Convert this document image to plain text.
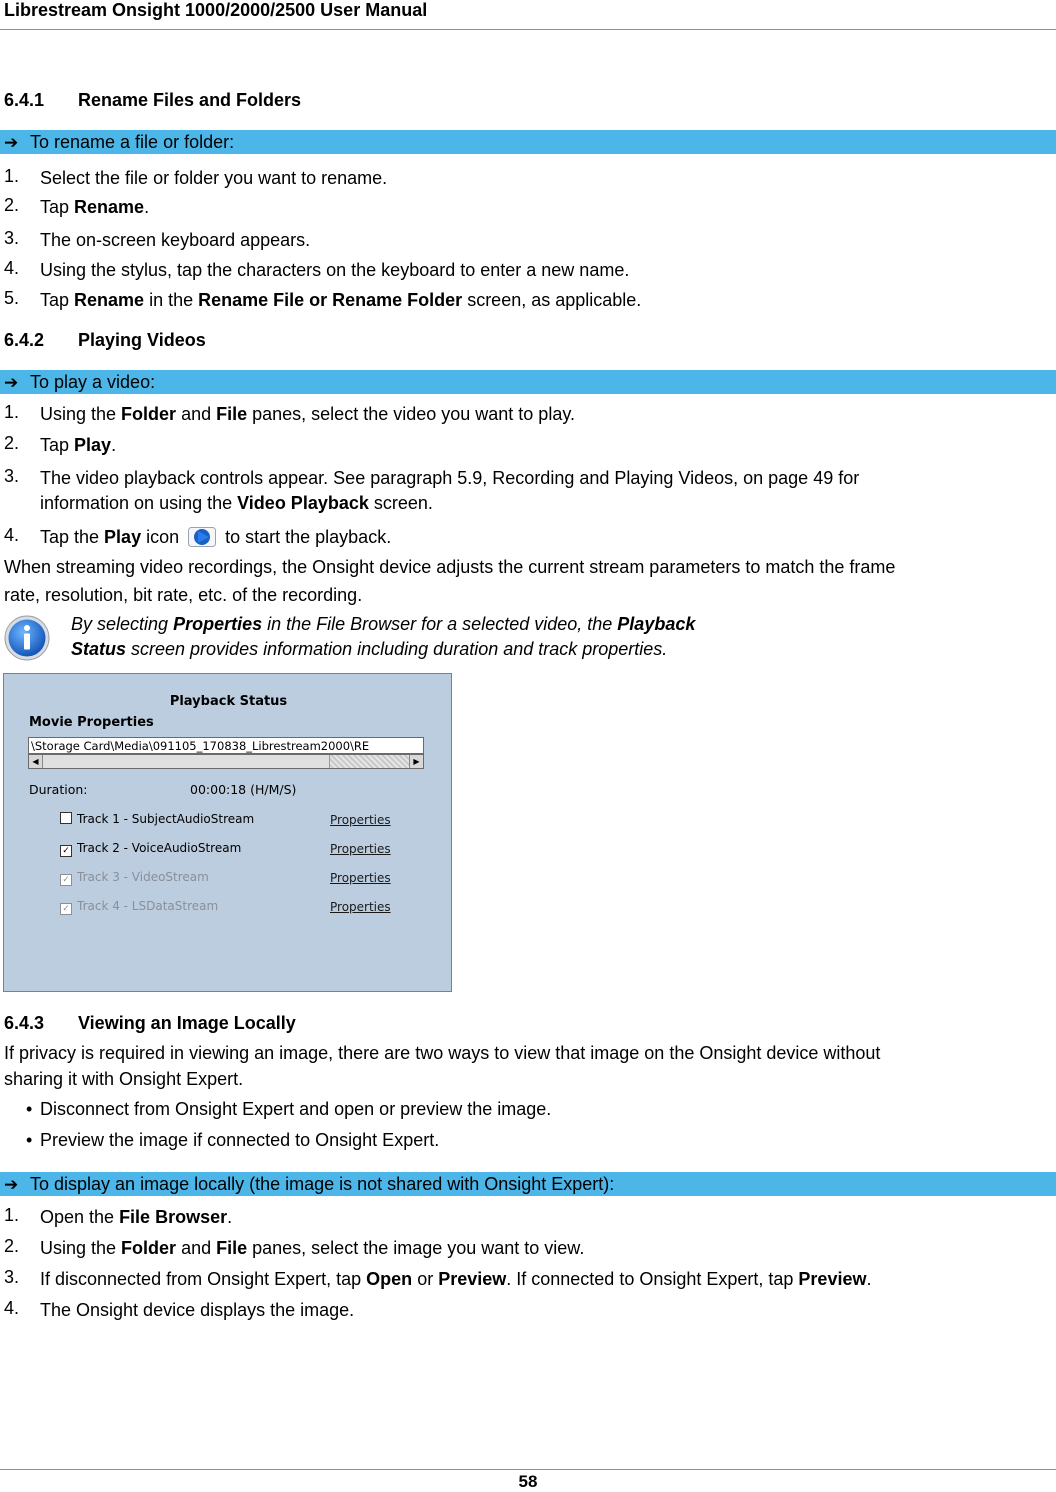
Librestream Onsight 1000/2000/2500 User Manual
6.4.1 Rename Files and Folders
➔ To rename a file or folder:
1.	Select the file or folder you want to rename.
2.	Tap Rename.
3.	The on-screen keyboard appears.
4.	Using the stylus, tap the characters on the keyboard to enter a new name.
5.	Tap Rename in the Rename File or Rename Folder screen, as applicable.
6.4.2 Playing Videos
➔ To play a video:
1.	Using the Folder and File panes, select the video you want to play.
2.	Tap Play.
3.	The video playback controls appear. See paragraph 5.9, Recording and Playing Videos, on page 49 for
information on using the Video Playback screen.
4.	Tap the Play icon  to start the playback.
When streaming video recordings, the Onsight device adjusts the current stream parameters to match the frame
rate, resolution, bit rate, etc. of the recording.
By selecting Properties in the File Browser for a selected video, the Playback
Status screen provides information including duration and track properties.
Playback Status
Movie Properties
\Storage Card\Media\091105_170838_Librestream2000\RE
◀	▶
Duration:	00:00:18 (H/M/S)
Track 1 - SubjectAudioStream	Properties
✓ Track 2 - VoiceAudioStream	Properties
✓ Track 3 - VideoStream	Properties
✓ Track 4 - LSDataStream	Properties
6.4.3 Viewing an Image Locally
If privacy is required in viewing an image, there are two ways to view that image on the Onsight device without
sharing it with Onsight Expert.
• Disconnect from Onsight Expert and open or preview the image.
• Preview the image if connected to Onsight Expert.
➔ To display an image locally (the image is not shared with Onsight Expert):
1.	Open the File Browser.
2.	Using the Folder and File panes, select the image you want to view.
3.	If disconnected from Onsight Expert, tap Open or Preview. If connected to Onsight Expert, tap Preview.
4.	The Onsight device displays the image.
58
